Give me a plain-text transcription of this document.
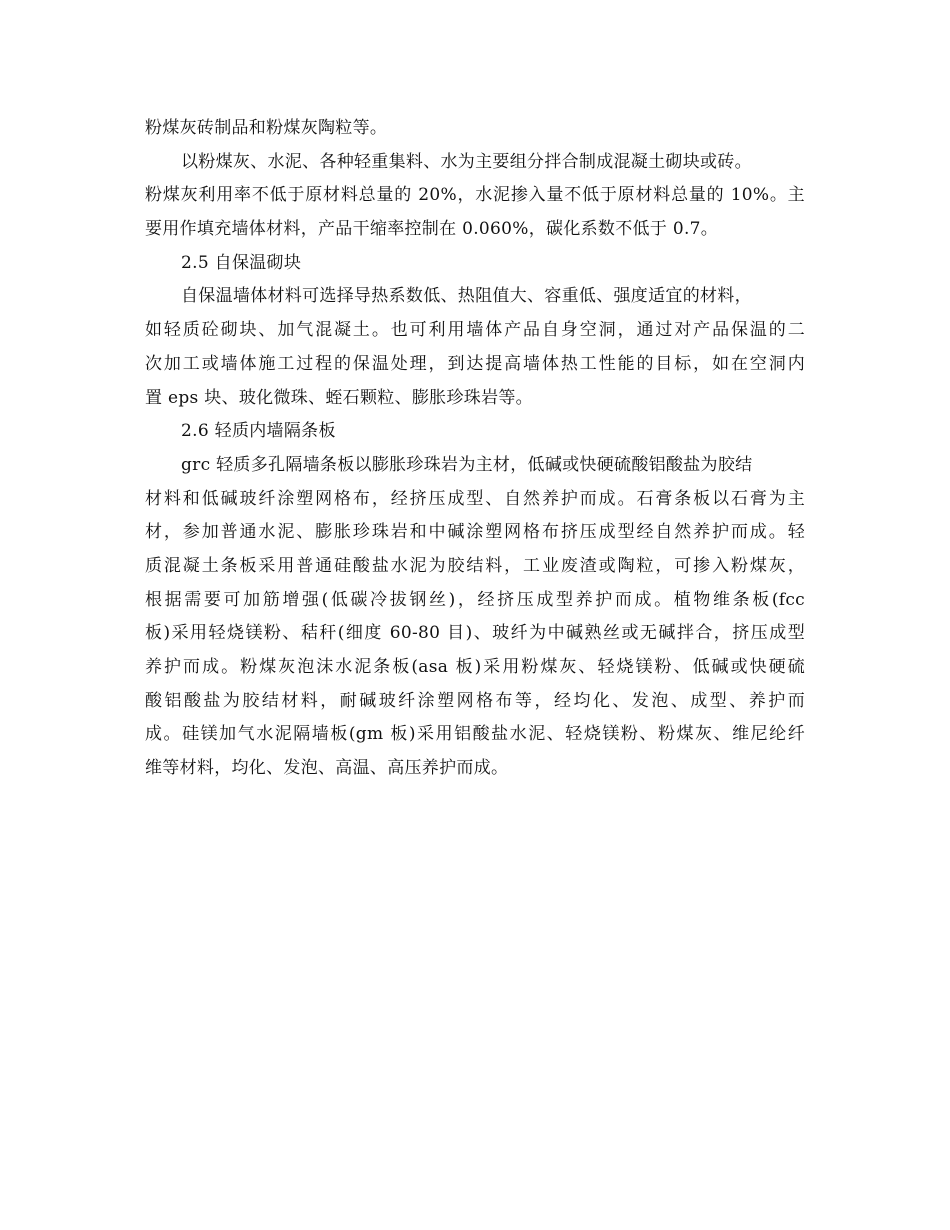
粉煤灰砖制品和粉煤灰陶粒等。
以粉煤灰、水泥、各种轻重集料、水为主要组分拌合制成混凝土砌块或砖。
粉煤灰利用率不低于原材料总量的 20%，水泥掺入量不低于原材料总量的 10%。主
要用作填充墙体材料，产品干缩率控制在 0.060%，碳化系数不低于 0.7。
2.5 自保温砌块
自保温墙体材料可选择导热系数低、热阻值大、容重低、强度适宜的材料，
如轻质砼砌块、加气混凝土。也可利用墙体产品自身空洞，通过对产品保温的二
次加工或墙体施工过程的保温处理，到达提高墙体热工性能的目标，如在空洞内
置 eps 块、玻化微珠、蛭石颗粒、膨胀珍珠岩等。
2.6 轻质内墙隔条板
grc 轻质多孔隔墙条板以膨胀珍珠岩为主材，低碱或快硬硫酸铝酸盐为胶结
材料和低碱玻纤涂塑网格布，经挤压成型、自然养护而成。石膏条板以石膏为主
材，参加普通水泥、膨胀珍珠岩和中碱涂塑网格布挤压成型经自然养护而成。轻
质混凝土条板采用普通硅酸盐水泥为胶结料，工业废渣或陶粒，可掺入粉煤灰，
根据需要可加筋增强(低碳冷拔钢丝)，经挤压成型养护而成。植物维条板(fcc
板)采用轻烧镁粉、秸秆(细度 60-80 目)、玻纤为中碱熟丝或无碱拌合，挤压成型
养护而成。粉煤灰泡沫水泥条板(asa 板)采用粉煤灰、轻烧镁粉、低碱或快硬硫
酸铝酸盐为胶结材料，耐碱玻纤涂塑网格布等，经均化、发泡、成型、养护而
成。硅镁加气水泥隔墙板(gm 板)采用铝酸盐水泥、轻烧镁粉、粉煤灰、维尼纶纤
维等材料，均化、发泡、高温、高压养护而成。
